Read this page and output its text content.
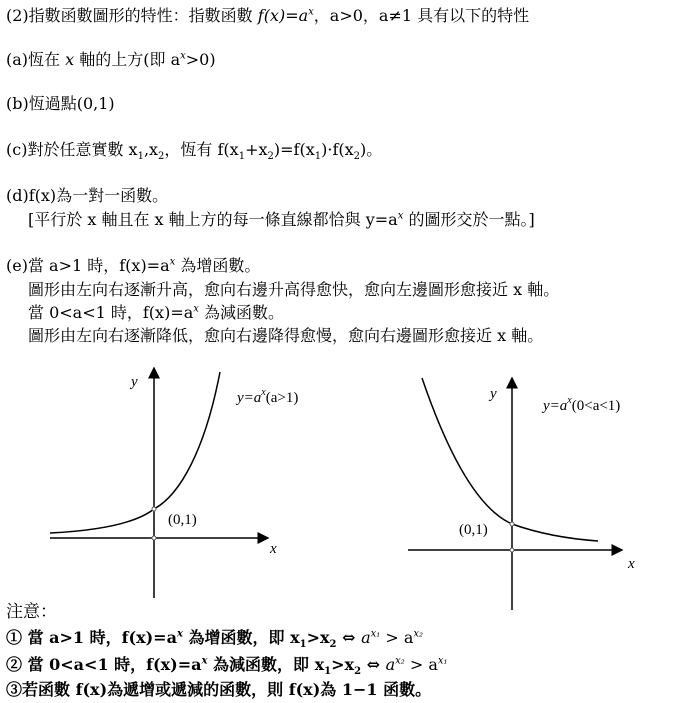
(2)指數函數圖形的特性：指數函數 $f(x)=a^x$，a>0，a≠1 具有以下的特性
(a)恆在 x 軸的上方(即 $a^x>0$)
(b)恆過點(0,1)
(c)對於任意實數 $x_1,x_2$，恆有 $f(x_1+x_2)=f(x_1)\cdot f(x_2)$。
(d)f(x)為一對一函數。
[平行於 x 軸且在 x 軸上方的每一條直線都恰與 $y=a^x$ 的圖形交於一點。]
(e)當 a>1 時，$f(x)=a^x$ 為增函數。
圖形由左向右逐漸升高，愈向右邊升高得愈快，愈向左邊圖形愈接近 x 軸。
當 0<a<1 時，$f(x)=a^x$ 為減函數。
圖形由左向右逐漸降低，愈向右邊降得愈慢，愈向右邊圖形愈接近 x 軸。
y
x
(0,1)
$y=a^x(a>1)$	y
x
(0,1)
$y=a^x(0<a<1)$
注意：
① 當 a>1 時，$f(x)=a^x$ 為增函數，即 $x_1>x_2$ ⇔ $a^{x_1} > a^{x_2}$
② 當 0<a<1 時，$f(x)=a^x$ 為減函數，即 $x_1>x_2$ ⇔ $a^{x_2} > a^{x_1}$
③若函數 f(x)為遞增或遞減的函數，則 f(x)為 1−1 函數。
